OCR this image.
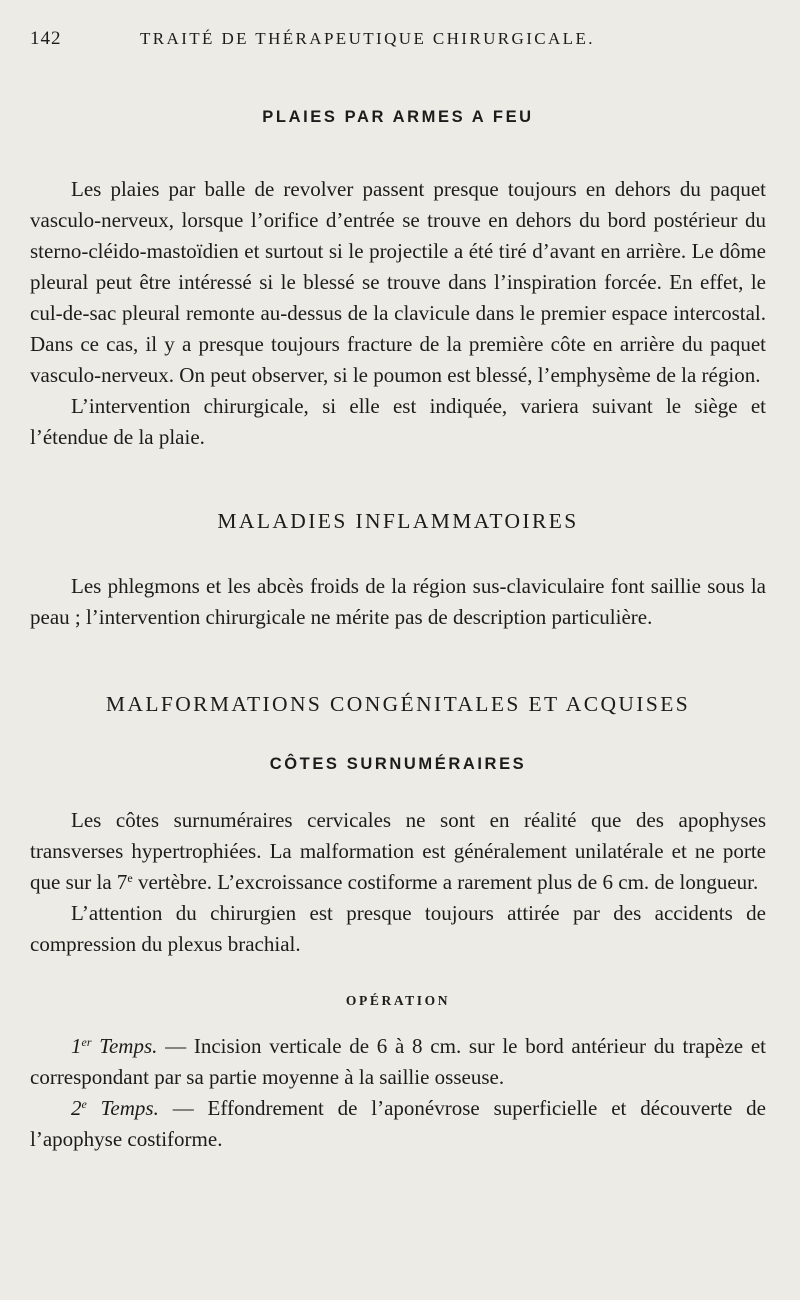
142	TRAITÉ DE THÉRAPEUTIQUE CHIRURGICALE.
PLAIES PAR ARMES A FEU

Les plaies par balle de revolver passent presque toujours en dehors du paquet vasculo-nerveux, lorsque l’orifice d’entrée se trouve en dehors du bord postérieur du sterno-cléido-mastoïdien et surtout si le projectile a été tiré d’avant en arrière. Le dôme pleural peut être intéressé si le blessé se trouve dans l’inspiration forcée. En effet, le cul-de-sac pleural remonte au-dessus de la clavicule dans le premier espace intercostal. Dans ce cas, il y a presque toujours fracture de la première côte en arrière du paquet vasculo-nerveux. On peut observer, si le poumon est blessé, l’emphysème de la région.

L’intervention chirurgicale, si elle est indiquée, variera suivant le siège et l’étendue de la plaie.

MALADIES INFLAMMATOIRES

Les phlegmons et les abcès froids de la région sus-claviculaire font saillie sous la peau ; l’intervention chirurgicale ne mérite pas de description particulière.

MALFORMATIONS CONGÉNITALES ET ACQUISES
CÔTES SURNUMÉRAIRES

Les côtes surnuméraires cervicales ne sont en réalité que des apophyses transverses hypertrophiées. La malformation est généralement unilatérale et ne porte que sur la 7e vertèbre. L’excroissance costiforme a rarement plus de 6 cm. de longueur.

L’attention du chirurgien est presque toujours attirée par des accidents de compression du plexus brachial.

OPÉRATION

1er Temps. — Incision verticale de 6 à 8 cm. sur le bord antérieur du trapèze et correspondant par sa partie moyenne à la saillie osseuse.

2e Temps. — Effondrement de l’aponévrose superficielle et découverte de l’apophyse costiforme.
